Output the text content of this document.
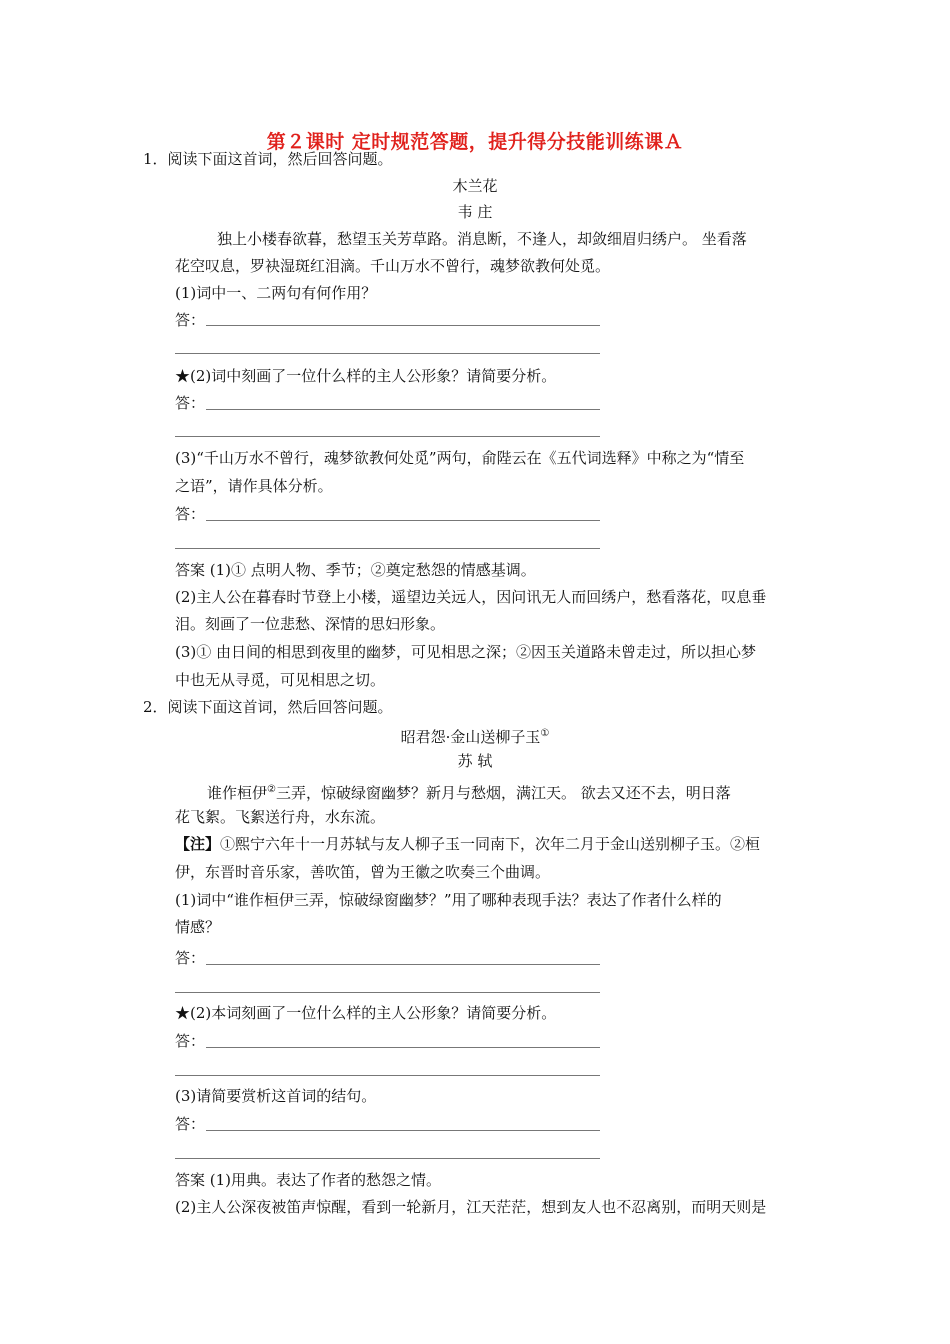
第２课时 定时规范答题，提升得分技能训练课Ａ
1．阅读下面这首词，然后回答问题。
木兰花
韦 庄
独上小楼春欲暮，愁望玉关芳草路。消息断，不逢人，却敛细眉归绣户。 坐看落
花空叹息，罗袂湿斑红泪滴。千山万水不曾行，魂梦欲教何处觅。
(1)词中一、二两句有何作用？
答：
★(2)词中刻画了一位什么样的主人公形象？请简要分析。
答：
(3)“千山万水不曾行，魂梦欲教何处觅”两句，俞陛云在《五代词选释》中称之为“情至
之语”，请作具体分析。
答：
答案 (1)① 点明人物、季节；②奠定愁怨的情感基调。
(2)主人公在暮春时节登上小楼，遥望边关远人，因问讯无人而回绣户，愁看落花，叹息垂
泪。刻画了一位悲愁、深情的思妇形象。
(3)① 由日间的相思到夜里的幽梦，可见相思之深；②因玉关道路未曾走过，所以担心梦
中也无从寻觅，可见相思之切。
2．阅读下面这首词，然后回答问题。
昭君怨·金山送柳子玉①
苏 轼
谁作桓伊②三弄，惊破绿窗幽梦？新月与愁烟，满江天。 欲去又还不去，明日落
花飞絮。飞絮送行舟，水东流。
【注】①熙宁六年十一月苏轼与友人柳子玉一同南下，次年二月于金山送别柳子玉。②桓
伊，东晋时音乐家，善吹笛，曾为王徽之吹奏三个曲调。
(1)词中“谁作桓伊三弄，惊破绿窗幽梦？”用了哪种表现手法？表达了作者什么样的
情感？
答：
★(2)本词刻画了一位什么样的主人公形象？请简要分析。
答：
(3)请简要赏析这首词的结句。
答：
答案 (1)用典。表达了作者的愁怨之情。
(2)主人公深夜被笛声惊醒，看到一轮新月，江天茫茫，想到友人也不忍离别，而明天则是
